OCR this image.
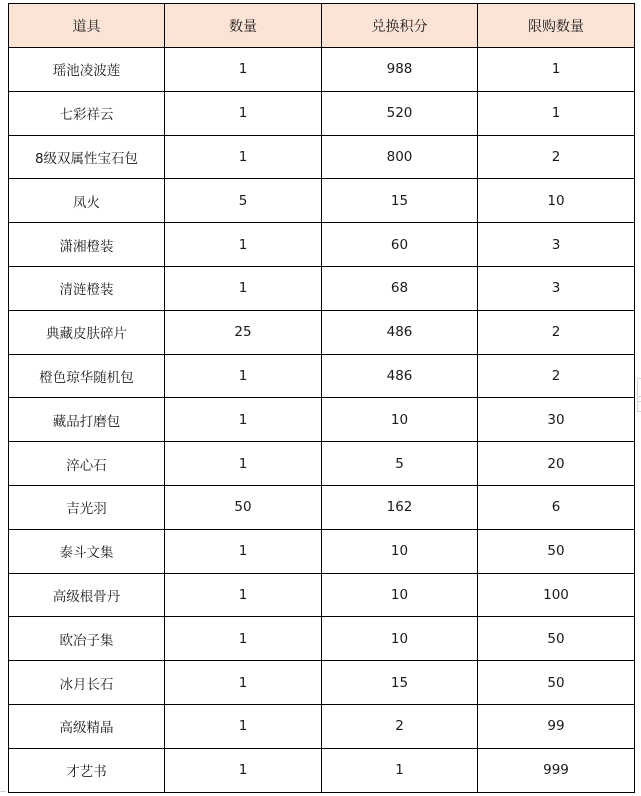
道具	数量	兑换积分	限购数量
瑶池凌波莲	1	988	1
七彩祥云	1	520	1
8级双属性宝石包	1	800	2
凤火	5	15	10
潇湘橙装	1	60	3
清涟橙装	1	68	3
典藏皮肤碎片	25	486	2
橙色琼华随机包	1	486	2
藏品打磨包	1	10	30
淬心石	1	5	20
吉光羽	50	162	6
泰斗文集	1	10	50
高级根骨丹	1	10	100
欧冶子集	1	10	50
冰月长石	1	15	50
高级精晶	1	2	99
才艺书	1	1	999
